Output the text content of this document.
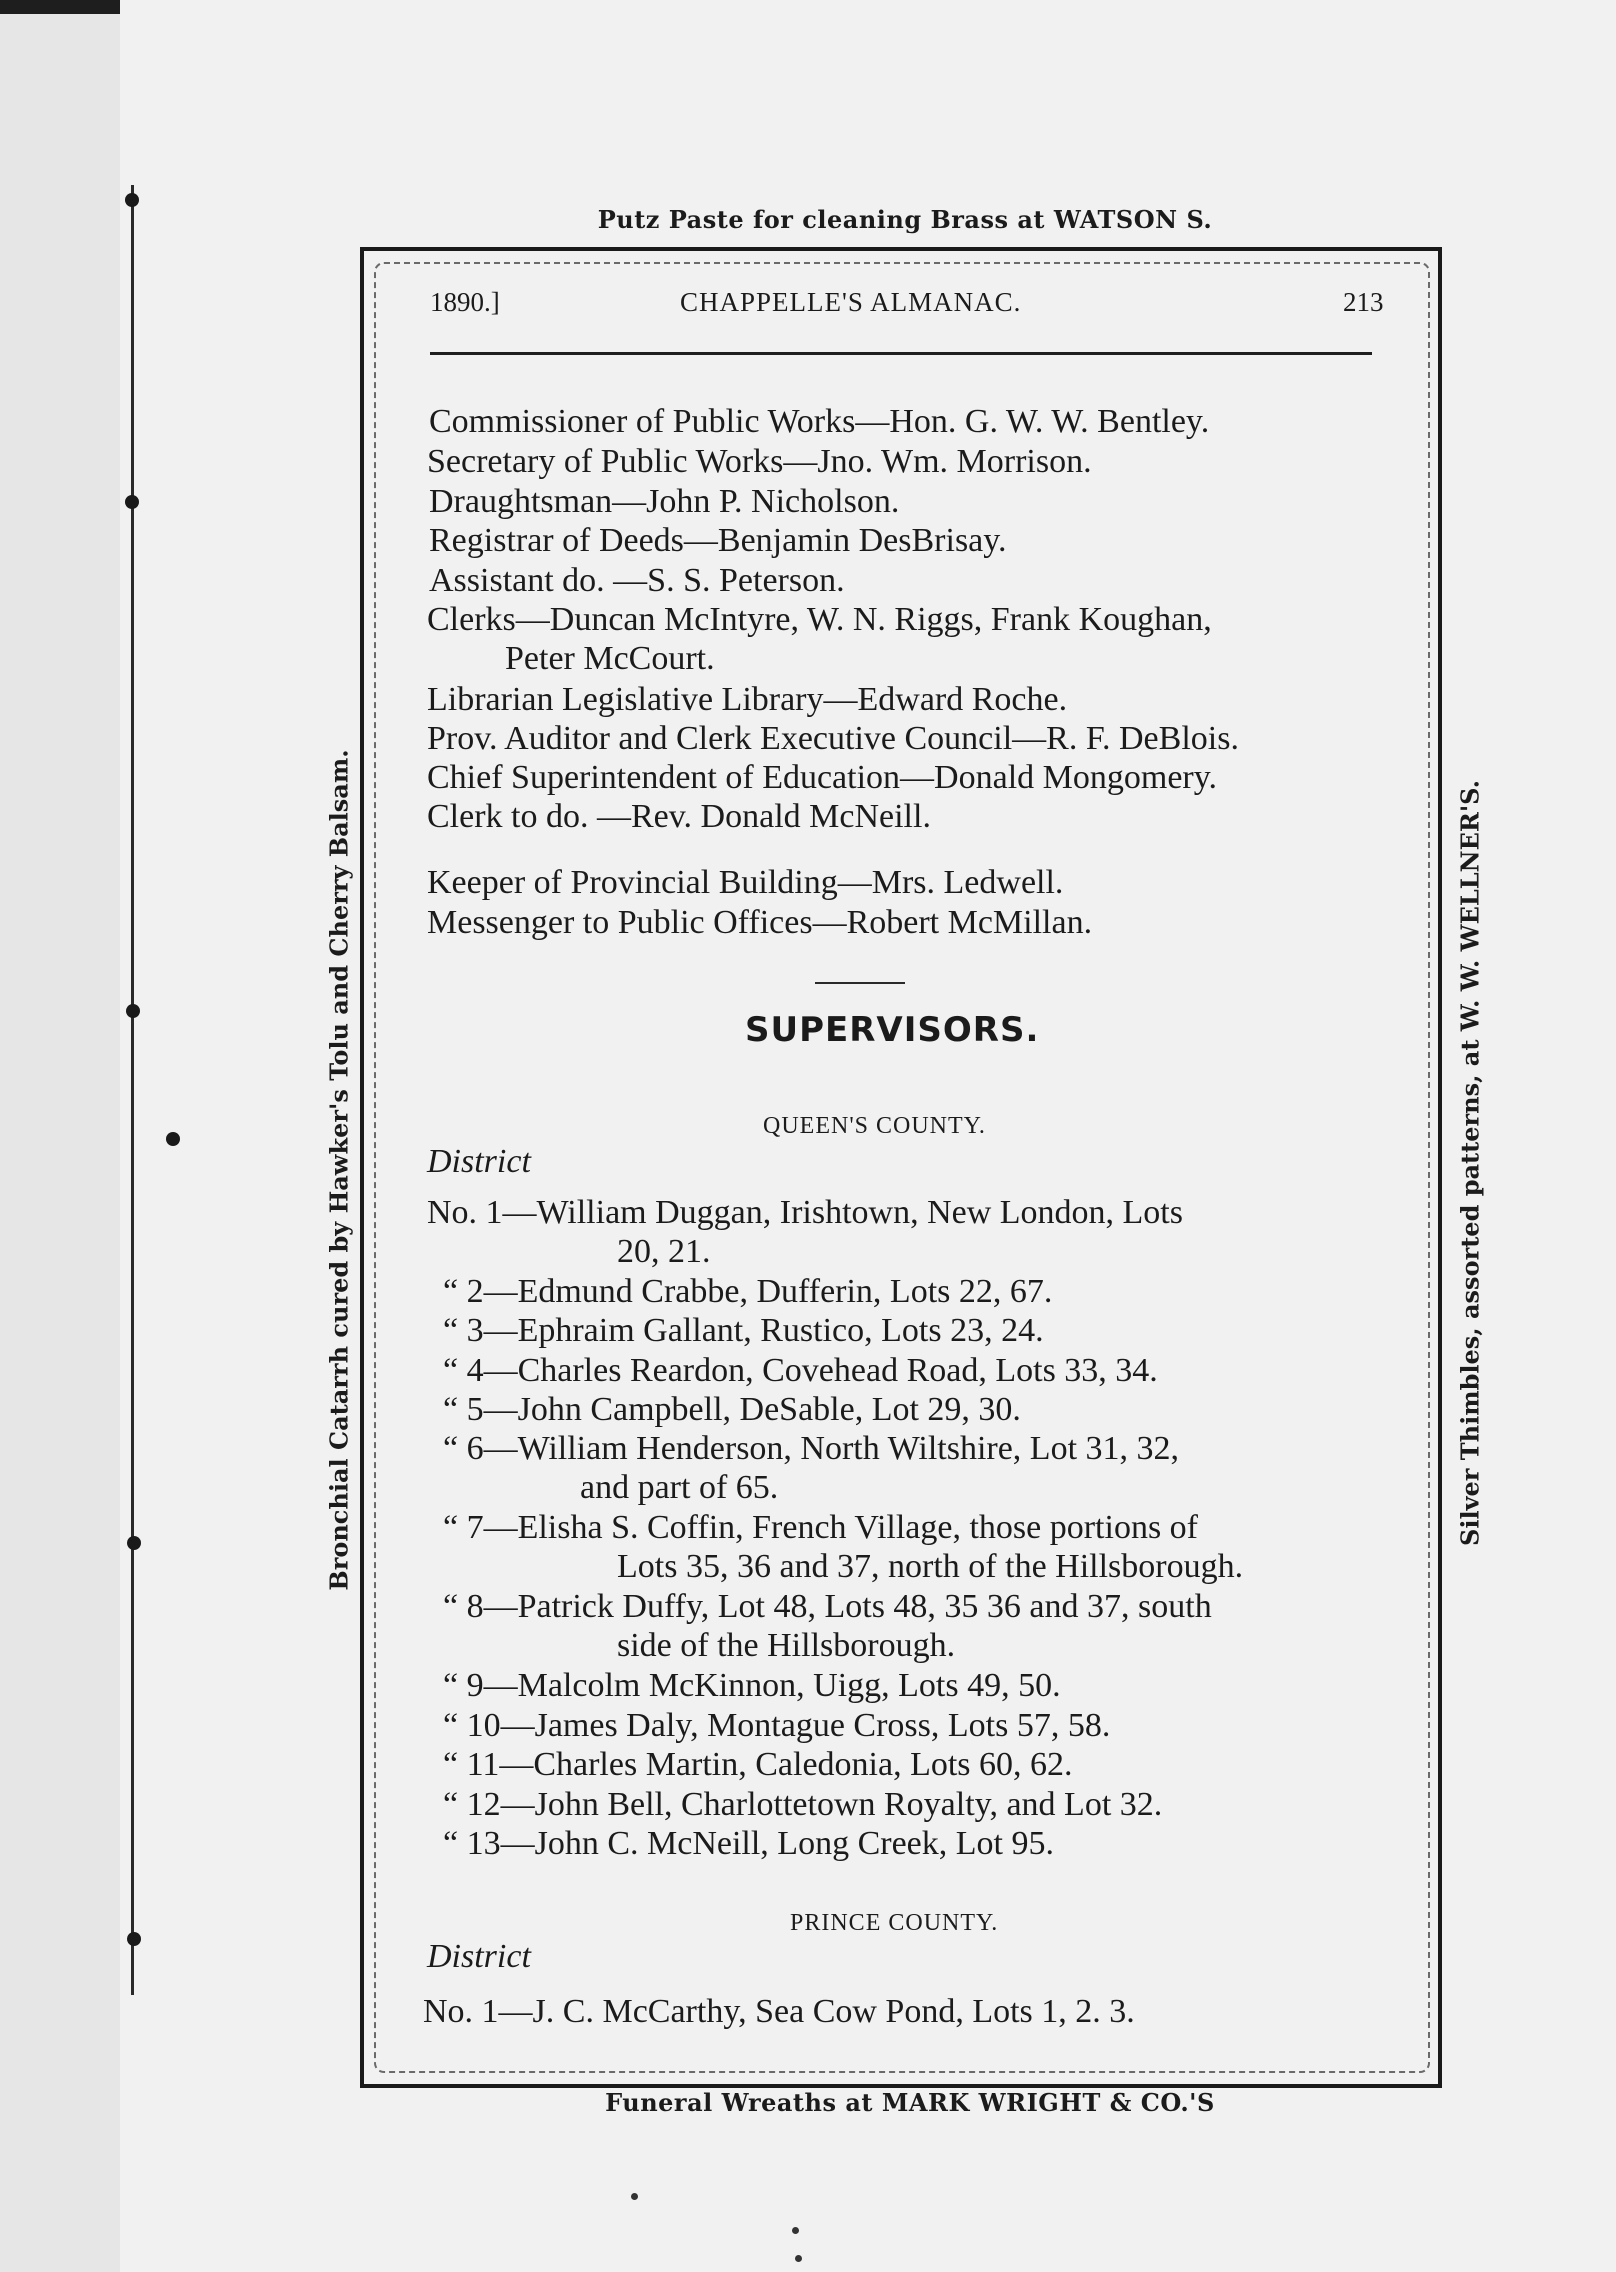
Putz Paste for cleaning Brass at WATSON S.
Bronchial Catarrh cured by Hawker's Tolu and Cherry Balsam.	Silver Thimbles, assorted patterns, at W. W. WELLNER'S.
1890.]	CHAPPELLE'S ALMANAC.	213
Commissioner of Public Works—Hon. G. W. W. Bentley.
Secretary of Public Works—Jno. Wm. Morrison.
Draughtsman—John P. Nicholson.
Registrar of Deeds—Benjamin DesBrisay.
Assistant do. —S. S. Peterson.
Clerks—Duncan McIntyre, W. N. Riggs, Frank Koughan,
Peter McCourt.
Librarian Legislative Library—Edward Roche.
Prov. Auditor and Clerk Executive Council—R. F. DeBlois.
Chief Superintendent of Education—Donald Mongomery.
Clerk to do. —Rev. Donald McNeill.
Keeper of Provincial Building—Mrs. Ledwell.
Messenger to Public Offices—Robert McMillan.
SUPERVISORS.
QUEEN'S COUNTY.
District
No. 1—William Duggan, Irishtown, New London, Lots
20, 21.
“ 2—Edmund Crabbe, Dufferin, Lots 22, 67.
“ 3—Ephraim Gallant, Rustico, Lots 23, 24.
“ 4—Charles Reardon, Covehead Road, Lots 33, 34.
“ 5—John Campbell, DeSable, Lot 29, 30.
“ 6—William Henderson, North Wiltshire, Lot 31, 32,
and part of 65.
“ 7—Elisha S. Coffin, French Village, those portions of
Lots 35, 36 and 37, north of the Hillsborough.
“ 8—Patrick Duffy, Lot 48, Lots 48, 35 36 and 37, south
side of the Hillsborough.
“ 9—Malcolm McKinnon, Uigg, Lots 49, 50.
“ 10—James Daly, Montague Cross, Lots 57, 58.
“ 11—Charles Martin, Caledonia, Lots 60, 62.
“ 12—John Bell, Charlottetown Royalty, and Lot 32.
“ 13—John C. McNeill, Long Creek, Lot 95.
PRINCE COUNTY.
District
No. 1—J. C. McCarthy, Sea Cow Pond, Lots 1, 2. 3.
Funeral Wreaths at MARK WRIGHT & CO.'S
